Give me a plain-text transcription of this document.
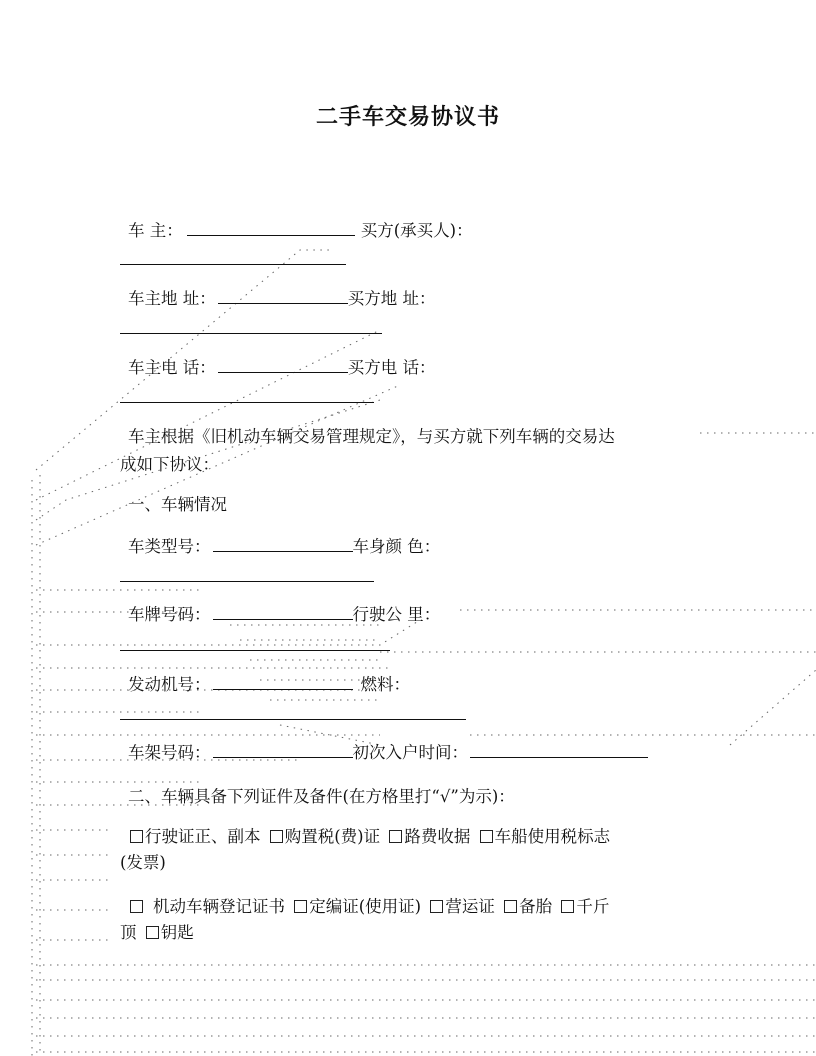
二手车交易协议书
车 主：	买方(承买人)：
车主地 址：	买方地 址：
车主电 话：	买方电 话：
车主根据《旧机动车辆交易管理规定》，与买方就下列车辆的交易达
成如下协议：
一、车辆情况
车类型号：	车身颜 色：
车牌号码：	行驶公 里：
发动机号：	燃料：
车架号码：	初次入户时间：
二、车辆具备下列证件及备件(在方格里打“√”为示)：
行驶证正、副本 购置税(费)证 路费收据 车船使用税标志
(发票)
机动车辆登记证书 定编证(使用证) 营运证 备胎 千斤
顶 钥匙
